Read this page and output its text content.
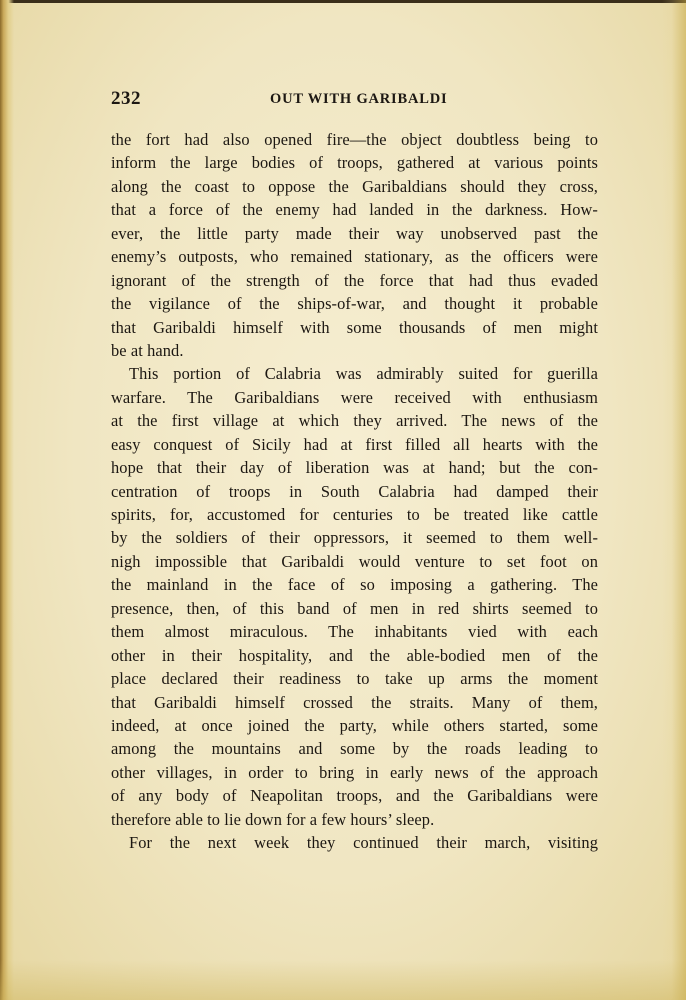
232	OUT WITH GARIBALDI
the fort had also opened fire—the object doubtless being to
inform the large bodies of troops, gathered at various points
along the coast to oppose the Garibaldians should they cross,
that a force of the enemy had landed in the darkness. How-
ever, the little party made their way unobserved past the
enemy’s outposts, who remained stationary, as the officers were
ignorant of the strength of the force that had thus evaded
the vigilance of the ships-of-war, and thought it probable
that Garibaldi himself with some thousands of men might
be at hand.
This portion of Calabria was admirably suited for guerilla
warfare. The Garibaldians were received with enthusiasm
at the first village at which they arrived. The news of the
easy conquest of Sicily had at first filled all hearts with the
hope that their day of liberation was at hand; but the con-
centration of troops in South Calabria had damped their
spirits, for, accustomed for centuries to be treated like cattle
by the soldiers of their oppressors, it seemed to them well-
nigh impossible that Garibaldi would venture to set foot on
the mainland in the face of so imposing a gathering. The
presence, then, of this band of men in red shirts seemed to
them almost miraculous. The inhabitants vied with each
other in their hospitality, and the able-bodied men of the
place declared their readiness to take up arms the moment
that Garibaldi himself crossed the straits. Many of them,
indeed, at once joined the party, while others started, some
among the mountains and some by the roads leading to
other villages, in order to bring in early news of the approach
of any body of Neapolitan troops, and the Garibaldians were
therefore able to lie down for a few hours’ sleep.
For the next week they continued their march, visiting
